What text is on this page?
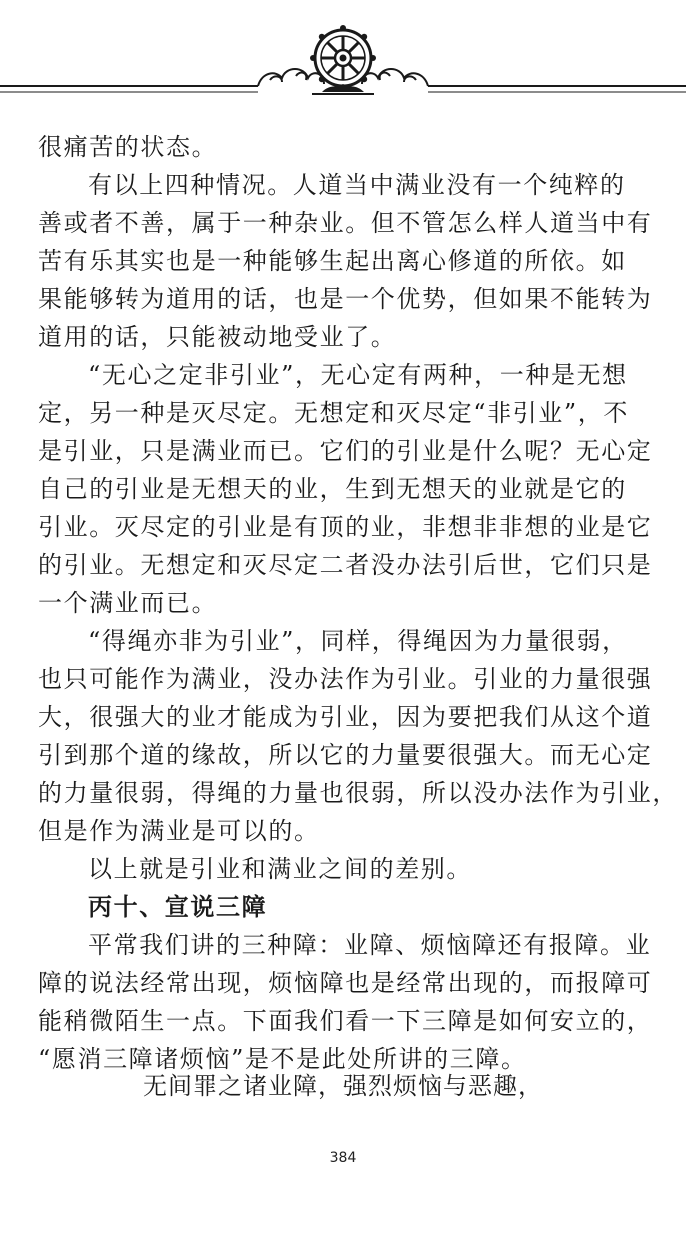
很痛苦的状态。
有以上四种情况。人道当中满业没有一个纯粹的
善或者不善，属于一种杂业。但不管怎么样人道当中有
苦有乐其实也是一种能够生起出离心修道的所依。如
果能够转为道用的话，也是一个优势，但如果不能转为
道用的话，只能被动地受业了。
“无心之定非引业”，无心定有两种，一种是无想
定，另一种是灭尽定。无想定和灭尽定“非引业”，不
是引业，只是满业而已。它们的引业是什么呢？无心定
自己的引业是无想天的业，生到无想天的业就是它的
引业。灭尽定的引业是有顶的业，非想非非想的业是它
的引业。无想定和灭尽定二者没办法引后世，它们只是
一个满业而已。
“得绳亦非为引业”，同样，得绳因为力量很弱，
也只可能作为满业，没办法作为引业。引业的力量很强
大，很强大的业才能成为引业，因为要把我们从这个道
引到那个道的缘故，所以它的力量要很强大。而无心定
的力量很弱，得绳的力量也很弱，所以没办法作为引业，
但是作为满业是可以的。
以上就是引业和满业之间的差别。
丙十、宣说三障
平常我们讲的三种障：业障、烦恼障还有报障。业
障的说法经常出现，烦恼障也是经常出现的，而报障可
能稍微陌生一点。下面我们看一下三障是如何安立的，
“愿消三障诸烦恼”是不是此处所讲的三障。
无间罪之诸业障，强烈烦恼与恶趣，
384
